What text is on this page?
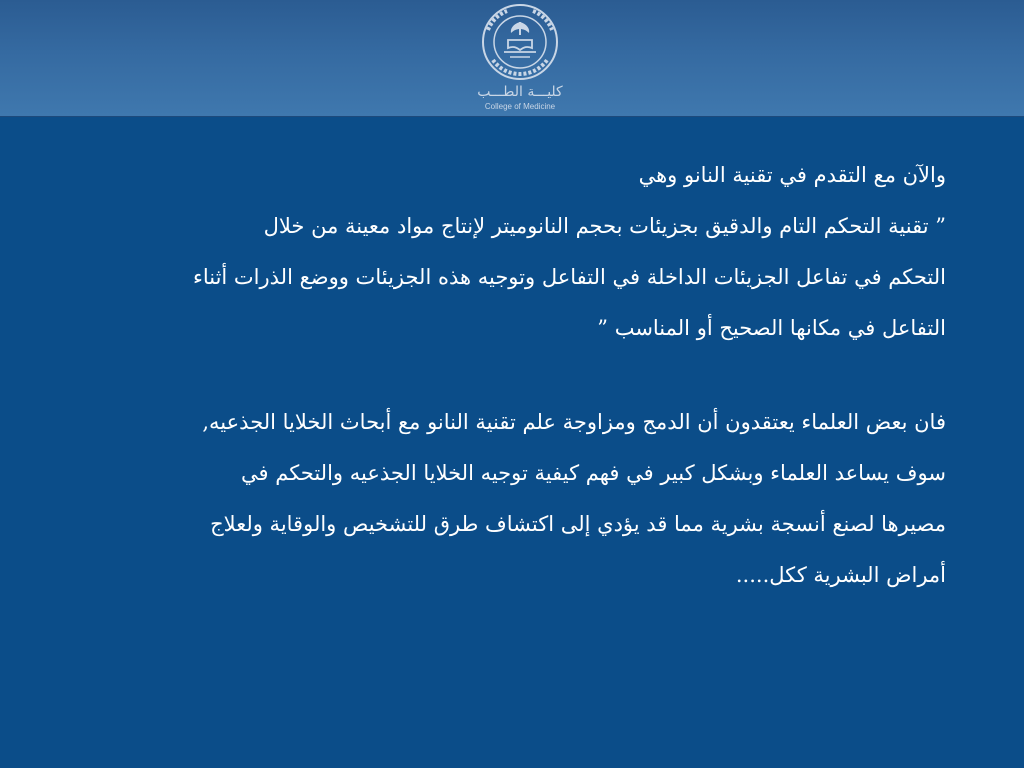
كليـــة الطـــب
College of Medicine

والآن مع التقدم في تقنية النانو وهي

” تقنية التحكم التام والدقيق بجزيئات بحجم النانوميتر لإنتاج مواد معينة من خلال

التحكم في تفاعل الجزيئات الداخلة في التفاعل وتوجيه هذه الجزيئات ووضع الذرات أثناء

التفاعل في مكانها الصحيح أو المناسب ”

فان بعض العلماء يعتقدون أن الدمج ومزاوجة علم تقنية النانو مع أبحاث الخلايا الجذعيه,

سوف يساعد العلماء وبشكل كبير في فهم كيفية توجيه الخلايا الجذعيه والتحكم في

مصيرها لصنع أنسجة بشرية مما قد يؤدي إلى اكتشاف طرق للتشخيص والوقاية ولعلاج

أمراض البشرية ككل.....
